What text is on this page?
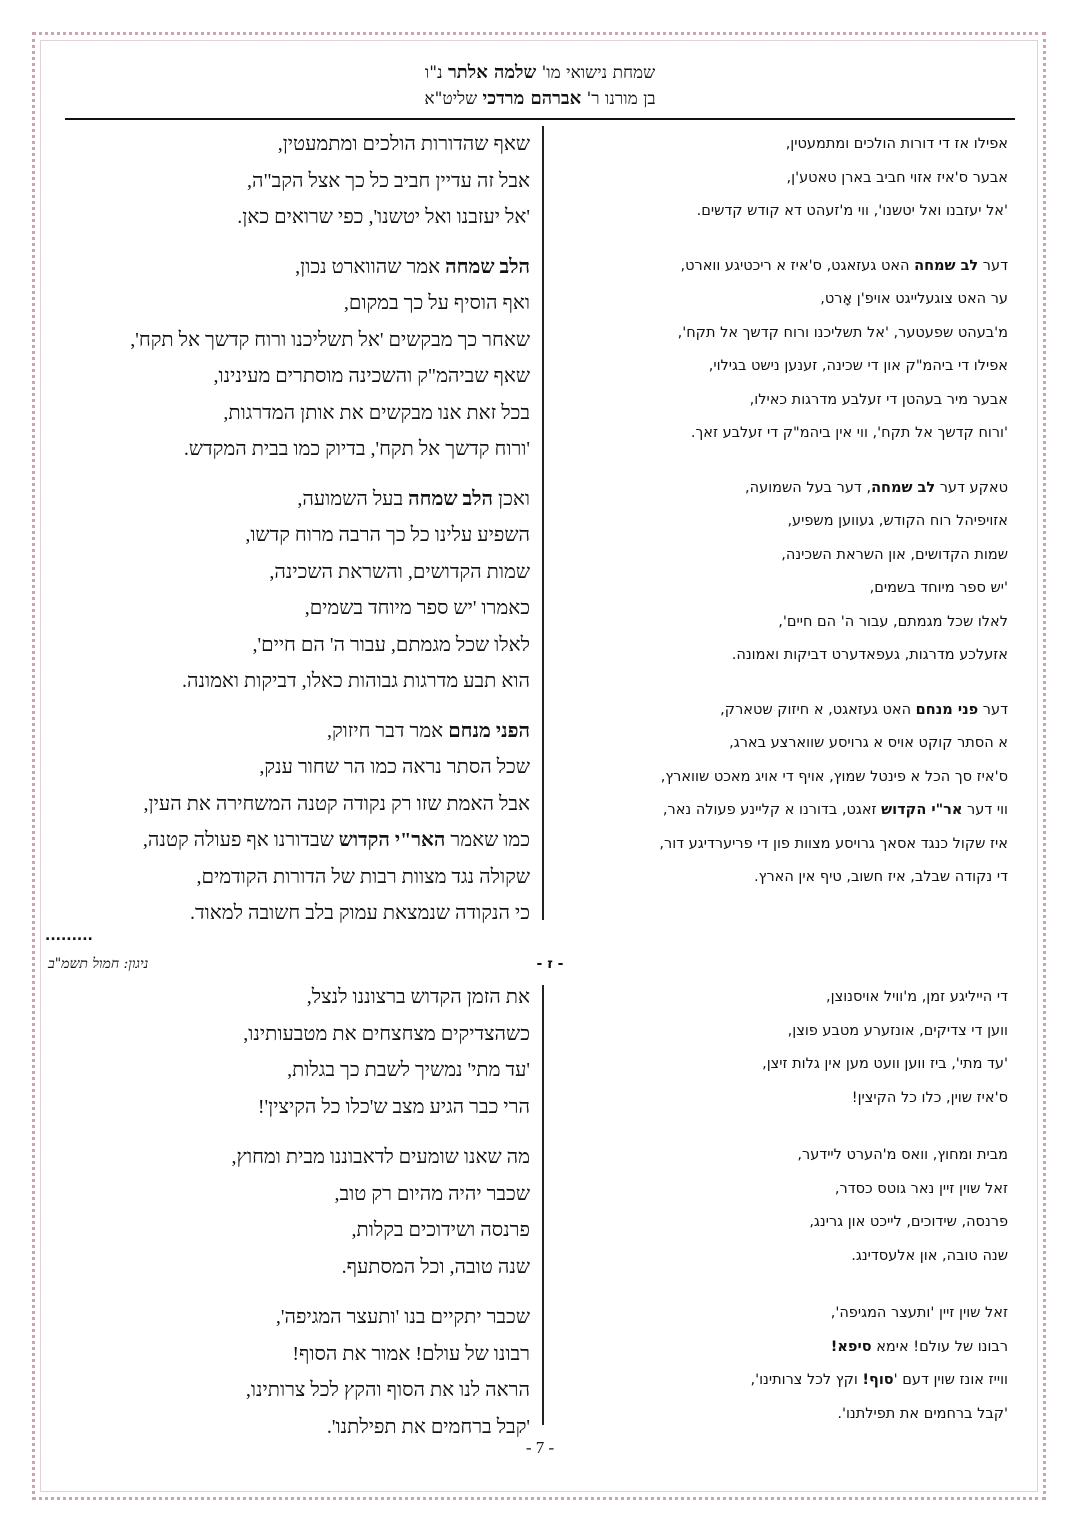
שמחת נישואי מו' שלמה אלתר נ"ו
בן מורנו ר' אברהם מרדכי שליט"א
אפילו אז די דורות הולכים ומתמעטין,
אבער ס'איז אזוי חביב בארן טאטע'ן,
'אל יעזבנו ואל יטשנו', ווי מ'זעהט דא קודש קדשים.
דער לב שמחה האט געזאגט, ס'איז א ריכטיגע ווארט,
ער האט צוגעלייגט אויפ'ן אָרט,
מ'בעהט שפעטער, 'אל תשליכנו ורוח קדשך אל תקח',
אפילו די ביהמ"ק און די שכינה, זענען נישט בגילוי,
אבער מיר בעהטן די זעלבע מדרגות כאילו,
'ורוח קדשך אל תקח', ווי אין ביהמ"ק די זעלבע זאך.
טאקע דער לב שמחה, דער בעל השמועה,
אזויפיהל רוח הקודש, געווען משפיע,
שמות הקדושים, און השראת השכינה,
'יש ספר מיוחד בשמים,
לאלו שכל מגמתם, עבור ה' הם חיים',
אזעלכע מדרגות, געפאדערט דביקות ואמונה.
דער פני מנחם האט געזאגט, א חיזוק שטארק,
א הסתר קוקט אויס א גרויסע שווארצע בארג,
ס'איז סך הכל א פינטל שמוץ, אויף די אויג מאכט שווארץ,
ווי דער אר"י הקדוש זאגט, בדורנו א קליינע פעולה נאר,
איז שקול כנגד אסאך גרויסע מצוות פון די פריערדיגע דור,
די נקודה שבלב, איז חשוב, טיף אין הארץ.
שאף שהדורות הולכים ומתמעטין,
אבל זה עדיין חביב כל כך אצל הקב"ה,
'אל יעזבנו ואל יטשנו', כפי שרואים כאן.
הלב שמחה אמר שהווארט נכון,
ואף הוסיף על כך במקום,
שאחר כך מבקשים 'אל תשליכנו ורוח קדשך אל תקח',
שאף שביהמ"ק והשכינה מוסתרים מעינינו,
בכל זאת אנו מבקשים את אותן המדרגות,
'ורוח קדשך אל תקח', בדיוק כמו בבית המקדש.
ואכן הלב שמחה בעל השמועה,
השפיע עלינו כל כך הרבה מרוח קדשו,
שמות הקדושים, והשראת השכינה,
כאמרו 'יש ספר מיוחד בשמים,
לאלו שכל מגמתם, עבור ה' הם חיים',
הוא תבע מדרגות גבוהות כאלו, דביקות ואמונה.
הפני מנחם אמר דבר חיזוק,
שכל הסתר נראה כמו הר שחור ענק,
אבל האמת שזו רק נקודה קטנה המשחירה את העין,
כמו שאמר האר"י הקדוש שבדורנו אף פעולה קטנה,
שקולה נגד מצוות רבות של הדורות הקודמים,
כי הנקודה שנמצאת עמוק בלב חשובה למאוד.
.........
ניגון: חמול תשמ"ב	- ז -
די הייליגע זמן, מ'וויל אויסנוצן,
ווען די צדיקים, אונזערע מטבע פוצן,
'עד מתי', ביז ווען וועט מען אין גלות זיצן,
ס'איז שוין, כלו כל הקיצין!
מבית ומחוץ, וואס מ'הערט ליידער,
זאל שוין זיין נאר גוטס כסדר,
פרנסה, שידוכים, לייכט און גרינג,
שנה טובה, און אלעסדינג.
זאל שוין זיין 'ותעצר המגיפה',
רבונו של עולם! אימא סיפא!
ווייז אונז שוין דעם 'סוף! וקץ לכל צרותינו',
'קבל ברחמים את תפילתנו'.
את הזמן הקדוש ברצוננו לנצל,
כשהצדיקים מצחצחים את מטבעותינו,
'עד מתי' נמשיך לשבת כך בגלות,
הרי כבר הגיע מצב ש'כלו כל הקיצין'!
מה שאנו שומעים לדאבוננו מבית ומחוץ,
שכבר יהיה מהיום רק טוב,
פרנסה ושידוכים בקלות,
שנה טובה, וכל המסתעף.
שכבר יתקיים בנו 'ותעצר המגיפה',
רבונו של עולם! אמור את הסוף!
הראה לנו את הסוף והקץ לכל צרותינו,
'קבל ברחמים את תפילתנו'.
- 7 -
